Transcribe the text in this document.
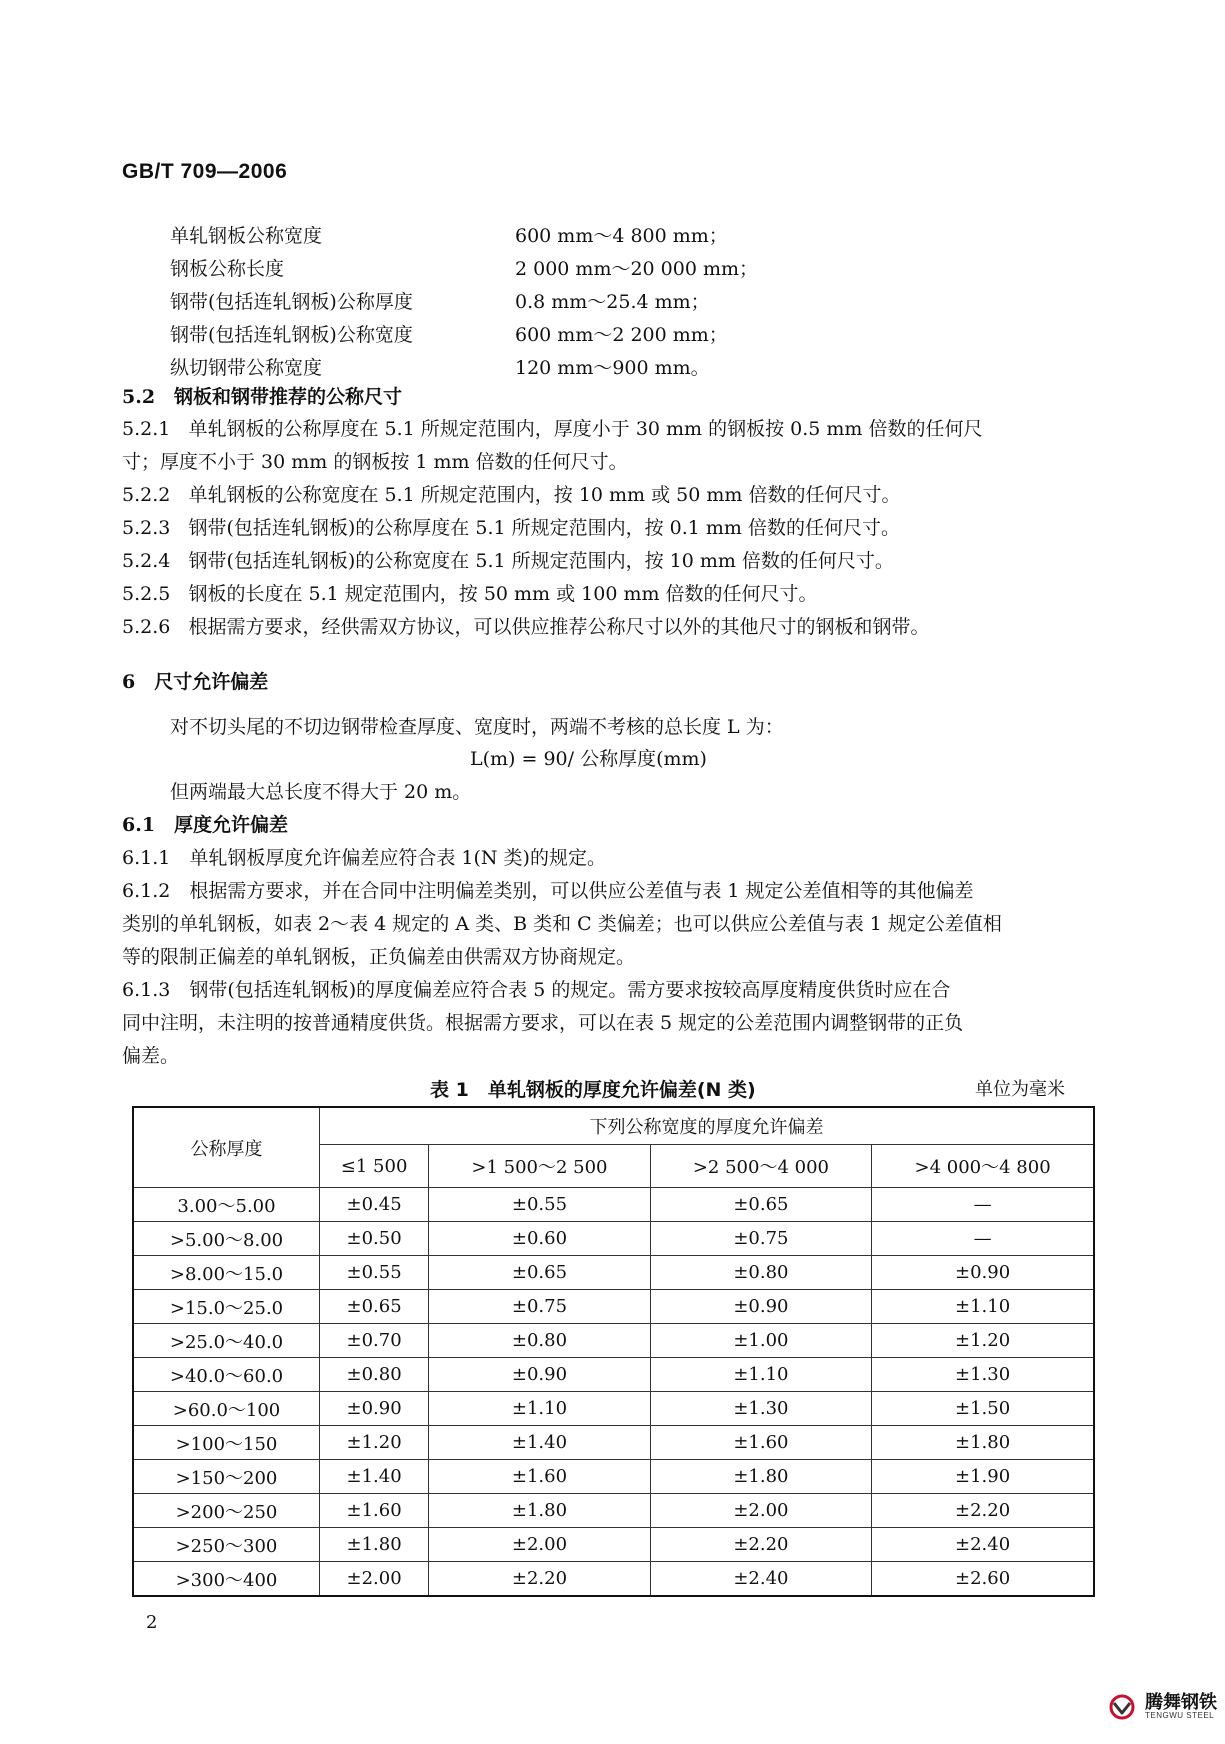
GB/T 709—2006
单轧钢板公称宽度	600 mm～4 800 mm；
钢板公称长度	2 000 mm～20 000 mm；
钢带(包括连轧钢板)公称厚度	0.8 mm～25.4 mm；
钢带(包括连轧钢板)公称宽度	600 mm～2 200 mm；
纵切钢带公称宽度	120 mm～900 mm。
5.2　钢板和钢带推荐的公称尺寸
5.2.1 单轧钢板的公称厚度在 5.1 所规定范围内，厚度小于 30 mm 的钢板按 0.5 mm 倍数的任何尺
寸；厚度不小于 30 mm 的钢板按 1 mm 倍数的任何尺寸。
5.2.2 单轧钢板的公称宽度在 5.1 所规定范围内，按 10 mm 或 50 mm 倍数的任何尺寸。
5.2.3 钢带(包括连轧钢板)的公称厚度在 5.1 所规定范围内，按 0.1 mm 倍数的任何尺寸。
5.2.4 钢带(包括连轧钢板)的公称宽度在 5.1 所规定范围内，按 10 mm 倍数的任何尺寸。
5.2.5 钢板的长度在 5.1 规定范围内，按 50 mm 或 100 mm 倍数的任何尺寸。
5.2.6 根据需方要求，经供需双方协议，可以供应推荐公称尺寸以外的其他尺寸的钢板和钢带。
6　尺寸允许偏差
对不切头尾的不切边钢带检查厚度、宽度时，两端不考核的总长度 L 为：
L(m) = 90/ 公称厚度(mm)
但两端最大总长度不得大于 20 m。
6.1　厚度允许偏差
6.1.1　单轧钢板厚度允许偏差应符合表 1(N 类)的规定。
6.1.2　根据需方要求，并在合同中注明偏差类别，可以供应公差值与表 1 规定公差值相等的其他偏差
类别的单轧钢板，如表 2～表 4 规定的 A 类、B 类和 C 类偏差；也可以供应公差值与表 1 规定公差值相
等的限制正偏差的单轧钢板，正负偏差由供需双方协商规定。
6.1.3　钢带(包括连轧钢板)的厚度偏差应符合表 5 的规定。需方要求按较高厚度精度供货时应在合
同中注明，未注明的按普通精度供货。根据需方要求，可以在表 5 规定的公差范围内调整钢带的正负
偏差。
表 1　单轧钢板的厚度允许偏差(N 类)	单位为毫米
公称厚度	下列公称宽度的厚度允许偏差			
	≤1 500	>1 500～2 500	>2 500～4 000	>4 000～4 800
3.00～5.00	±0.45	±0.55	±0.65	—
>5.00～8.00	±0.50	±0.60	±0.75	—
>8.00～15.0	±0.55	±0.65	±0.80	±0.90
>15.0～25.0	±0.65	±0.75	±0.90	±1.10
>25.0～40.0	±0.70	±0.80	±1.00	±1.20
>40.0～60.0	±0.80	±0.90	±1.10	±1.30
>60.0～100	±0.90	±1.10	±1.30	±1.50
>100～150	±1.20	±1.40	±1.60	±1.80
>150～200	±1.40	±1.60	±1.80	±1.90
>200～250	±1.60	±1.80	±2.00	±2.20
>250～300	±1.80	±2.00	±2.20	±2.40
>300～400	±2.00	±2.20	±2.40	±2.60
2
腾舞钢铁
TENGWU STEEL
